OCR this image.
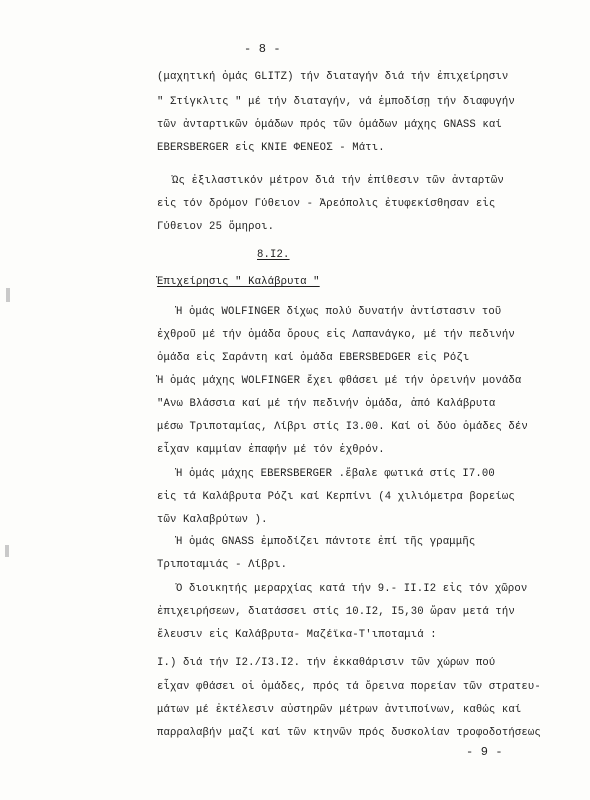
- 8 -
(μαχητική ὁμάς GLITZ) τήν διαταγήν διά τήν ἐπιχείρησιν
" Στίγκλιτς " μέ τήν διαταγήν, νά ἐμποδίσῃ τήν διαφυγήν
τῶν ἀνταρτικῶν ὁμάδων πρός τῶν ὁμάδων μάχης GNASS καί
EBERSBERGER εἰς KNIE ΦΕΝΕΟΣ - Μάτι.
Ὡς ἐξιλαστικόν μέτρον διά τήν ἐπίθεσιν τῶν ἀνταρτῶν
εἰς τόν δρόμον Γύθειον - Ἀρεόπολις ἐτυφεκίσθησαν εἰς
Γύθειον 25 ὅμηροι.
8.I2.
Ἐπιχείρησις " Καλάβρυτα "
Ἡ ὁμάς WOLFINGER δίχως πολύ δυνατήν ἀντίστασιν τοῦ
ἐχθροῦ μέ τήν ὁμάδα ὄρους εἰς Λαπανάγκο, μέ τήν πεδινήν
ὁμάδα εἰς Σαράντη καί ὁμάδα EBERSBEDGER εἰς Ρόζι
Ἡ ὁμάς μάχης WOLFINGER ἔχει φθάσει μέ τήν ὀρεινήν μονάδα
"Ανω Βλάσσια καί μέ τήν πεδινήν ὁμάδα, ἀπό Καλάβρυτα
μέσω Τριποταμίας, Λίβρι στίς I3.00. Καί οἱ δύο ὁμάδες δέν
εἶχαν καμμίαν ἐπαφήν μέ τόν ἐχθρόν.
Ἡ ὁμάς μάχης EBERSBERGER .ἔβαλε φωτικά στίς I7.00
εἰς τά Καλάβρυτα Ρόζι καί Κερπίνι (4 χιλιόμετρα βορείως
τῶν Καλαβρύτων ).
Ἡ ὁμάς GNASS ἐμποδίζει πάντοτε ἐπί τῆς γραμμῆς
Τριποταμιάς - Λίβρι.
Ὁ διοικητής μεραρχίας κατά τήν 9.- II.I2 εἰς τόν χῶρον
ἐπιχειρήσεων, διατάσσει στίς 10.I2, I5,30 ὥραν μετά τήν
ἔλευσιν εἰς Καλάβρυτα- Μαζέϊκα-Τ'ιποταμιά :
I.) διά τήν I2./I3.I2. τήν ἐκκαθάρισιν τῶν χώρων πού
εἶχαν φθάσει οἱ ὁμάδες, πρός τά ὄρεινα πορείαν τῶν στρατευ-
μάτων μέ ἐκτέλεσιν αὐστηρῶν μέτρων ἀντιποίνων, καθώς καί
παρραλαβήν μαζί καί τῶν κτηνῶν πρός δυσκολίαν τροφοδοτήσεως
- 9 -
